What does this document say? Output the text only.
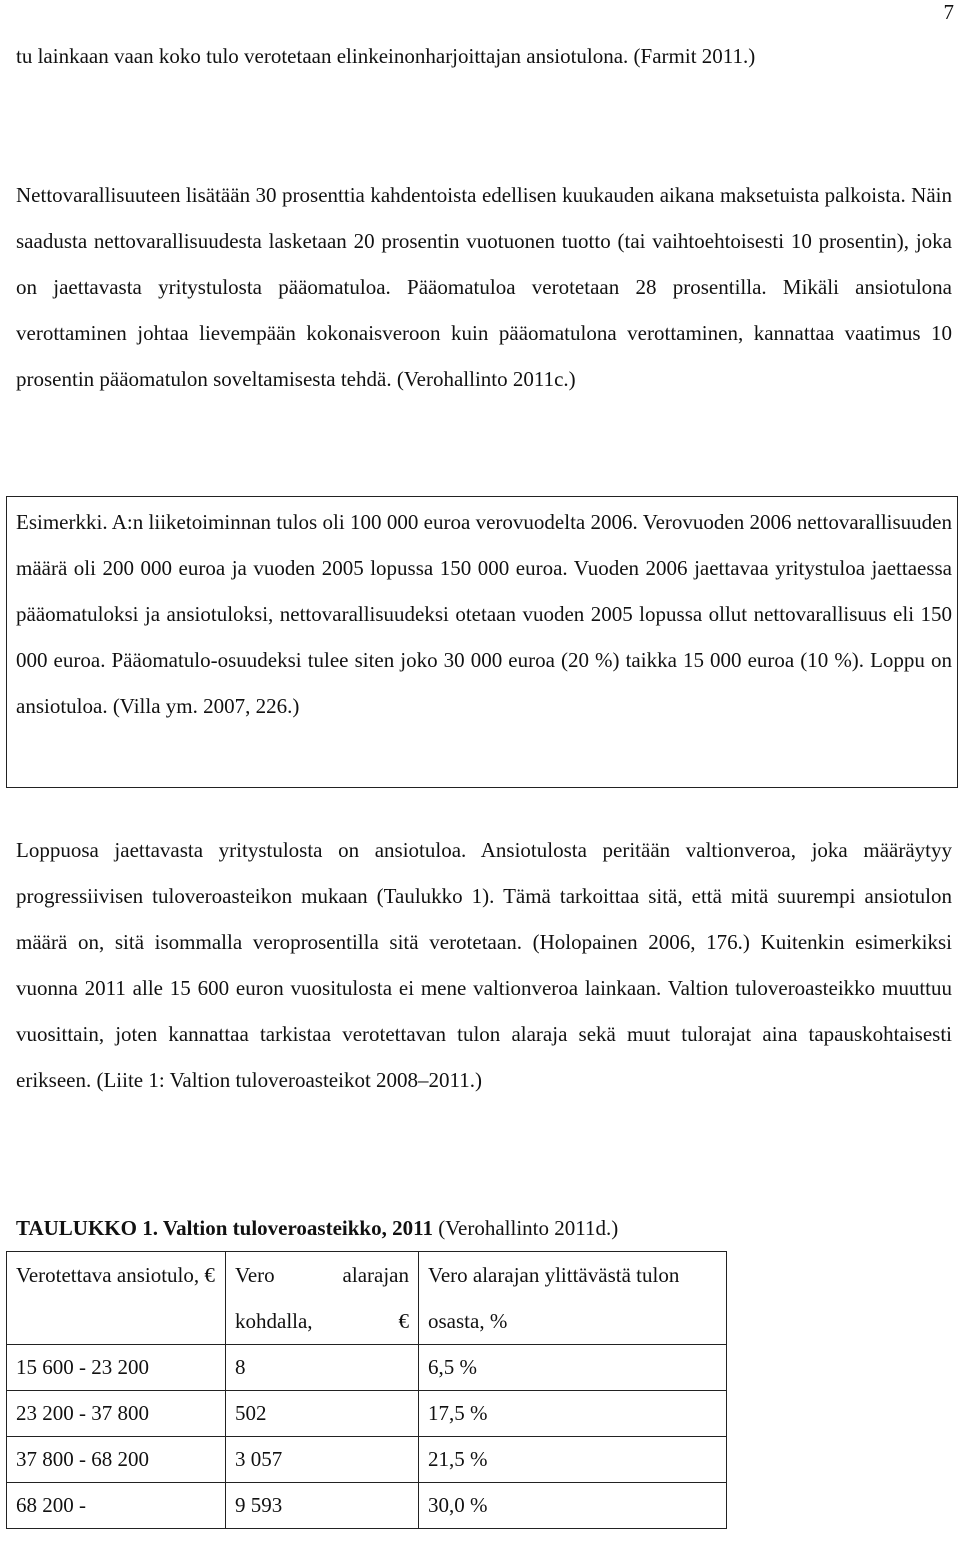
7

tu lainkaan vaan koko tulo verotetaan elinkeinonharjoittajan ansiotulona. (Farmit 2011.)

Nettovarallisuuteen lisätään 30 prosenttia kahdentoista edellisen kuukauden aikana maksetuista palkoista. Näin saadusta nettovarallisuudesta lasketaan 20 prosentin vuotuonen tuotto (tai vaihtoehtoisesti 10 prosentin), joka on jaettavasta yritystulosta pääomatuloa. Pääomatuloa verotetaan 28 prosentilla. Mikäli ansiotulona verottaminen johtaa lievempään kokonaisveroon kuin pääomatulona verottaminen, kannattaa vaatimus 10 prosentin pääomatulon soveltamisesta tehdä. (Verohallinto 2011c.)

Esimerkki. A:n liiketoiminnan tulos oli 100 000 euroa verovuodelta 2006. Verovuoden 2006 nettovarallisuuden määrä oli 200 000 euroa ja vuoden 2005 lopussa 150 000 euroa. Vuoden 2006 jaettavaa yritystuloa jaettaessa pääomatuloksi ja ansiotuloksi, nettovarallisuudeksi otetaan vuoden 2005 lopussa ollut nettovarallisuus eli 150 000 euroa. Pääomatulo-osuudeksi tulee siten joko 30 000 euroa (20 %) taikka 15 000 euroa (10 %). Loppu on ansiotuloa. (Villa ym. 2007, 226.)

Loppuosa jaettavasta yritystulosta on ansiotuloa. Ansiotulosta peritään valtionveroa, joka määräytyy progressiivisen tuloveroasteikon mukaan (Taulukko 1). Tämä tarkoittaa sitä, että mitä suurempi ansiotulon määrä on, sitä isommalla veroprosentilla sitä verotetaan. (Holopainen 2006, 176.) Kuitenkin esimerkiksi vuonna 2011 alle 15 600 euron vuositulosta ei mene valtionveroa lainkaan. Valtion tuloveroasteikko muuttuu vuosittain, joten kannattaa tarkistaa verotettavan tulon alaraja sekä muut tulorajat aina tapauskohtaisesti erikseen. (Liite 1: Valtion tuloveroasteikot 2008–2011.)

TAULUKKO 1. Valtion tuloveroasteikko, 2011 (Verohallinto 2011d.)

Verotettava ansiotulo, €	Vero alarajan kohdalla, €	Vero alarajan ylittävästä tulon osasta, %
15 600 - 23 200	8	6,5 %
23 200 - 37 800	502	17,5 %
37 800 - 68 200	3 057	21,5 %
68 200 -	9 593	30,0 %
